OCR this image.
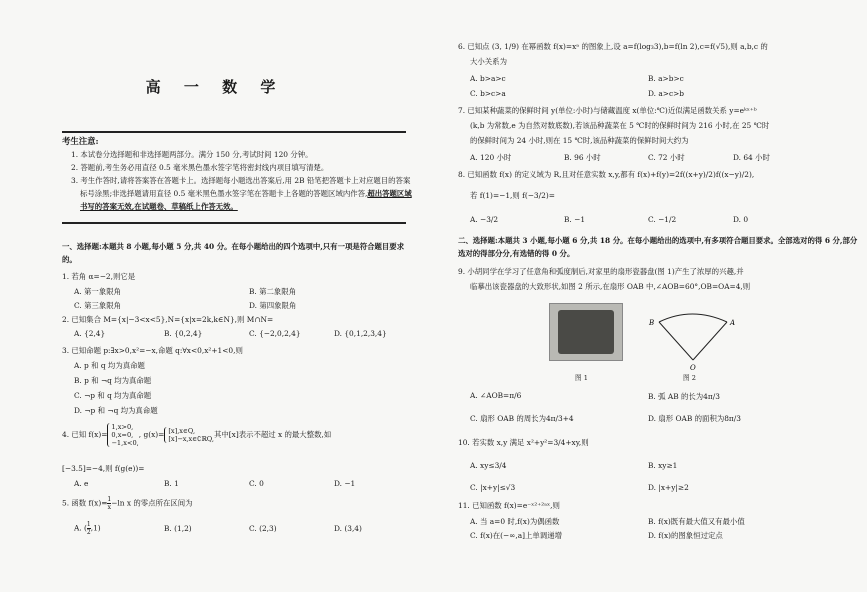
高 一 数 学
考生注意:
1. 本试卷分选择题和非选择题两部分。满分 150 分,考试时间 120 分钟。
2. 答题前,考生务必用直径 0.5 毫米黑色墨水签字笔将密封线内项目填写清楚。
3. 考生作答时,请将答案答在答题卡上。选择题每小题选出答案后,用 2B 铅笔把答题卡上对应题目的答案标号涂黑;非选择题请用直径 0.5 毫米黑色墨水签字笔在答题卡上各题的答题区域内作答,超出答题区域书写的答案无效,在试题卷、草稿纸上作答无效。
一、选择题:本题共 8 小题,每小题 5 分,共 40 分。在每小题给出的四个选项中,只有一项是符合题目要求的。
1. 若角 α=−2,则它是
A. 第一象限角	B. 第二象限角
C. 第三象限角	D. 第四象限角
2. 已知集合 M={x|−3<x<5},N={x|x=2k,k∈N},则 M∩N=
A. {2,4}	B. {0,2,4}	C. {−2,0,2,4}	D. {0,1,2,3,4}
3. 已知命题 p:∃x>0,x²=−x,命题 q:∀x<0,x²+1<0,则
A. p 和 q 均为真命题
B. p 和 ¬q 均为真命题
C. ¬p 和 q 均为真命题
D. ¬p 和 ¬q 均为真命题
4. 已知 f(x)=
1,x>0,
0,x=0,
−1,x<0,
, g(x)= [x],x∈Q,
[x]−x,x∈∁ℝQ, 其中[x]表示不超过 x 的最大整数,如
[−3.5]=−4,则 f(g(e))=
A. e	B. 1	C. 0	D. −1
5. 函数 $f(x)= \frac{1}{x} -\ln$ x 的零点所在区间为
A. ( $\frac{1}{2} ,1$)	B. (1,2)	C. (2,3)	D. (3,4)
6. 已知点 (3, 1/9) 在幂函数 f(x)=xᵃ 的图象上,设 a=f(log₃3),b=f(ln 2),c=f(√5),则 a,b,c 的
大小关系为
A. b>a>c	B. a>b>c
C. b>c>a	D. a>c>b
7. 已知某种蔬菜的保鲜时间 y(单位:小时)与储藏温度 x(单位:℃)近似满足函数关系 y=eᵏˣ⁺ᵇ
(k,b 为常数,e 为自然对数底数),若该品种蔬菜在 5 ℃时的保鲜时间为 216 小时,在 25 ℃时
的保鲜时间为 24 小时,则在 15 ℃时,该品种蔬菜的保鲜时间大约为
A. 120 小时	B. 96 小时	C. 72 小时	D. 64 小时
8. 已知函数 f(x) 的定义域为 R,且对任意实数 x,y,都有 f(x)+f(y)=2f((x+y)/2)f((x−y)/2),
若 f(1)=−1,则 f(−3/2)=
A. −3/2	B. −1	C. −1/2	D. 0
二、选择题:本题共 3 小题,每小题 6 分,共 18 分。在每小题给出的选项中,有多项符合题目要求。全部选对的得 6 分,部分选对的得部分分,有选错的得 0 分。
9. 小胡同学在学习了任意角和弧度制后,对家里的扇形瓷器盘(图 1)产生了浓厚的兴趣,并
临摹出该瓷器盘的大致形状,如图 2 所示,在扇形 OAB 中,∠AOB=60°,OB=OA=4,则
图 1
B	A
O
图 2
A. ∠AOB=π/6	B. 弧 AB 的长为4π/3
C. 扇形 OAB 的周长为4π/3+4	D. 扇形 OAB 的面积为8π/3
10. 若实数 x,y 满足 x²+y²=3/4+xy,则
A. xy≤3/4	B. xy≥1
C. |x+y|≤√3	D. |x+y|≥2
11. 已知函数 f(x)=e⁻ˣ²⁺²ᵃˣ,则
A. 当 a=0 时,f(x)为偶函数	B. f(x)既有最大值又有最小值
C. f(x)在(−∞,a]上单调递增	D. f(x)的图象恒过定点
